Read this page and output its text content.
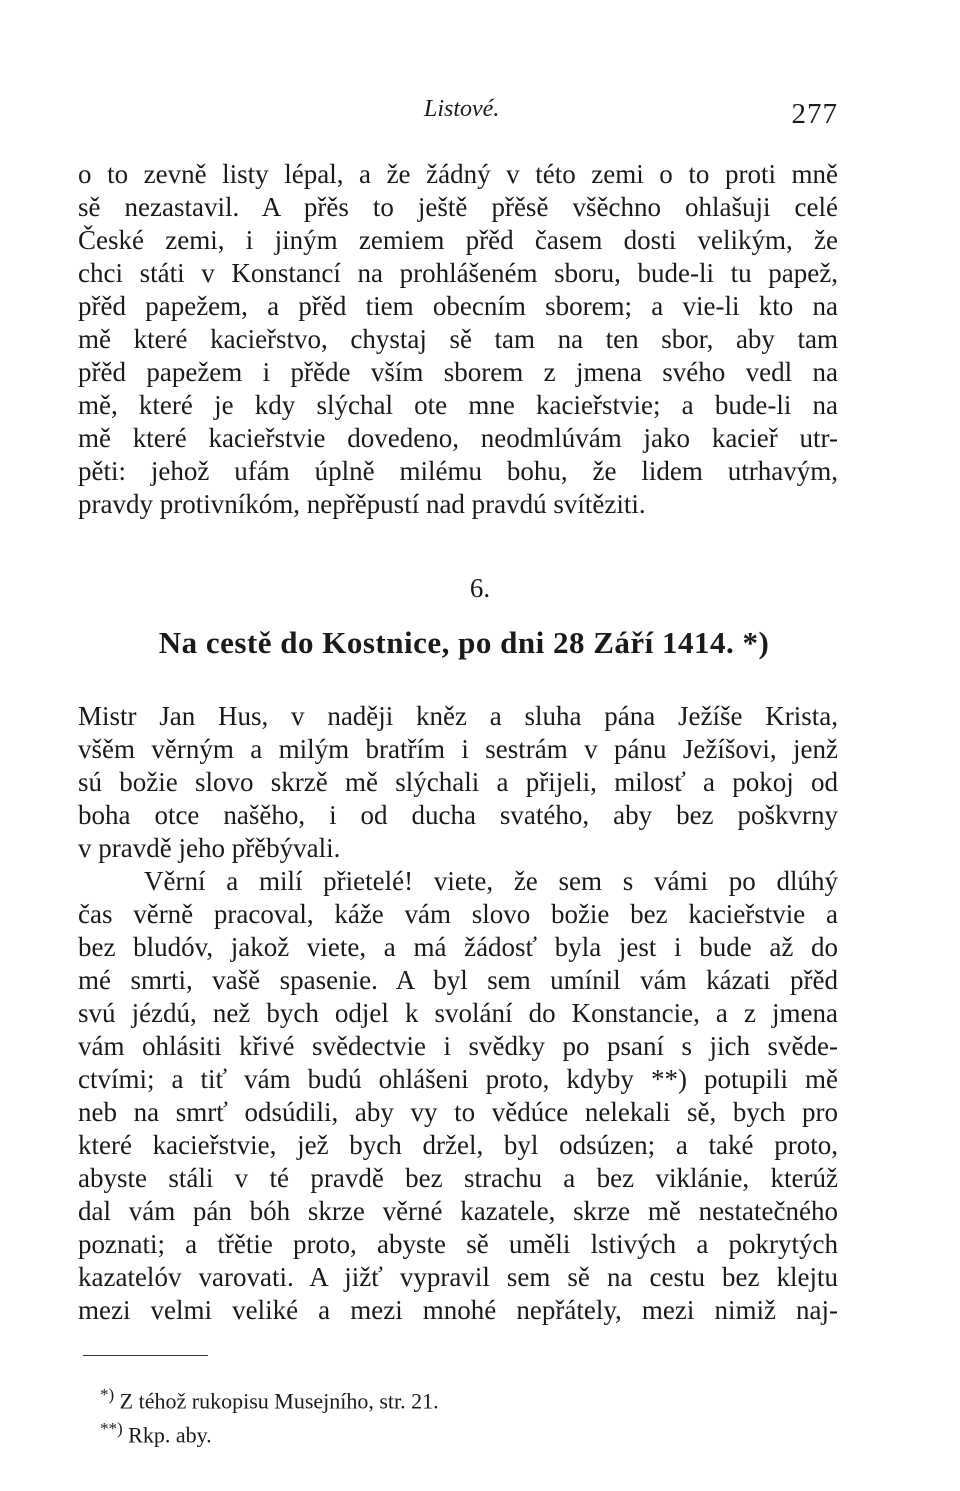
Listové.	277
o to zevně listy lépal, a že žádný v této zemi o to proti mně
sě nezastavil. A přěs to ještě přěsě všěchno ohlašuji celé
České zemi, i jiným zemiem přěd časem dosti velikým, že
chci státi v Konstancí na prohlášeném sboru, bude-li tu papež,
přěd papežem, a přěd tiem obecním sborem; a vie-li kto na
mě které kacieřstvo, chystaj sě tam na ten sbor, aby tam
přěd papežem i přěde vším sborem z jmena svého vedl na
mě, které je kdy slýchal ote mne kacieřstvie; a bude-li na
mě které kacieřstvie dovedeno, neodmlúvám jako kacieř utr-
pěti: jehož ufám úplně milému bohu, že lidem utrhavým,
pravdy protivníkóm, nepřěpustí nad pravdú svítěziti.
6.
Na cestě do Kostnice, po dni 28 Září 1414. *)
Mistr Jan Hus, v naději kněz a sluha pána Ježíše Krista,
všěm věrným a milým bratřím i sestrám v pánu Ježíšovi, jenž
sú božie slovo skrzě mě slýchali a přijeli, milosť a pokoj od
boha otce našěho, i od ducha svatého, aby bez poškvrny
v pravdě jeho přěbývali.
Věrní a milí přietelé! viete, že sem s vámi po dlúhý
čas věrně pracoval, káže vám slovo božie bez kacieřstvie a
bez bludóv, jakož viete, a má žádosť byla jest i bude až do
mé smrti, vašě spasenie. A byl sem umínil vám kázati přěd
svú jézdú, než bych odjel k svolání do Konstancie, a z jmena
vám ohlásiti křivé svědectvie i svědky po psaní s jich svěde-
ctvími; a tiť vám budú ohlášeni proto, kdyby **) potupili mě
neb na smrť odsúdili, aby vy to vědúce nelekali sě, bych pro
které kacieřstvie, jež bych držel, byl odsúzen; a také proto,
abyste stáli v té pravdě bez strachu a bez viklánie, kterúž
dal vám pán bóh skrze věrné kazatele, skrze mě nestatečného
poznati; a třětie proto, abyste sě uměli lstivých a pokrytých
kazatelóv varovati. A jižť vypravil sem sě na cestu bez klejtu
mezi velmi veliké a mezi mnohé nepřátely, mezi nimiž naj-
*) Z téhož rukopisu Musejního, str. 21.
**) Rkp. aby.
